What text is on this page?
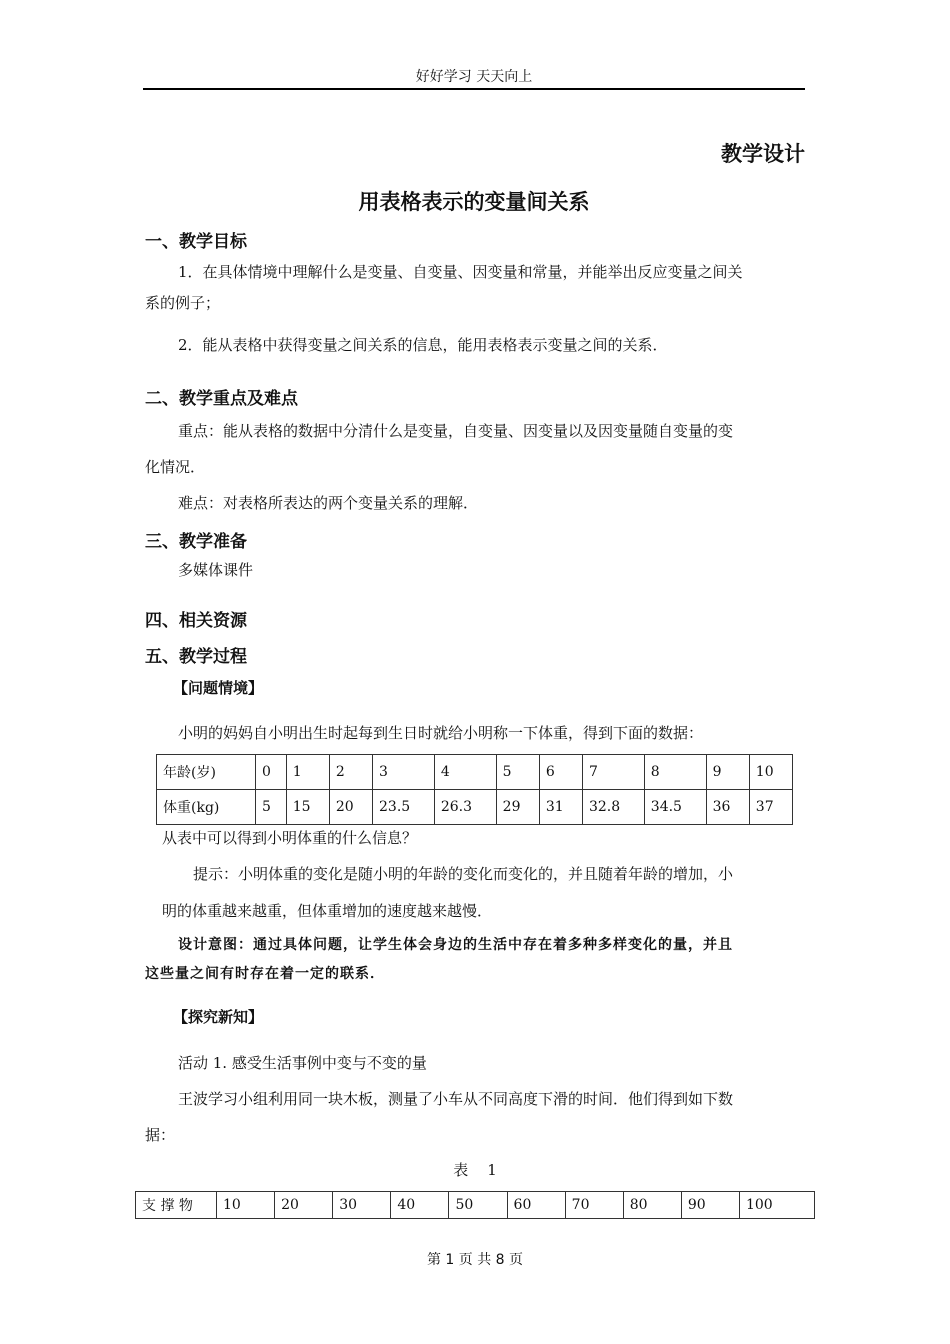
好好学习 天天向上
教学设计
用表格表示的变量间关系
一、教学目标
1．在具体情境中理解什么是变量、自变量、因变量和常量，并能举出反应变量之间关
系的例子；
2．能从表格中获得变量之间关系的信息，能用表格表示变量之间的关系．
二、教学重点及难点
重点：能从表格的数据中分清什么是变量，自变量、因变量以及因变量随自变量的变
化情况．
难点：对表格所表达的两个变量关系的理解．
三、教学准备
多媒体课件
四、相关资源
五、教学过程
【问题情境】
小明的妈妈自小明出生时起每到生日时就给小明称一下体重，得到下面的数据：
年龄(岁)	0	1	2	3	4	5	6	7	8	9	10
体重(kg)	5	15	20	23.5	26.3	29	31	32.8	34.5	36	37
从表中可以得到小明体重的什么信息？
提示：小明体重的变化是随小明的年龄的变化而变化的，并且随着年龄的增加，小
明的体重越来越重，但体重增加的速度越来越慢．
设计意图：通过具体问题，让学生体会身边的生活中存在着多种多样变化的量，并且
这些量之间有时存在着一定的联系．
【探究新知】
活动 1. 感受生活事例中变与不变的量
王波学习小组利用同一块木板，测量了小车从不同高度下滑的时间．他们得到如下数
据：
表    1
支 撑 物	10	20	30	40	50	60	70	80	90	100
第 1 页 共 8 页
